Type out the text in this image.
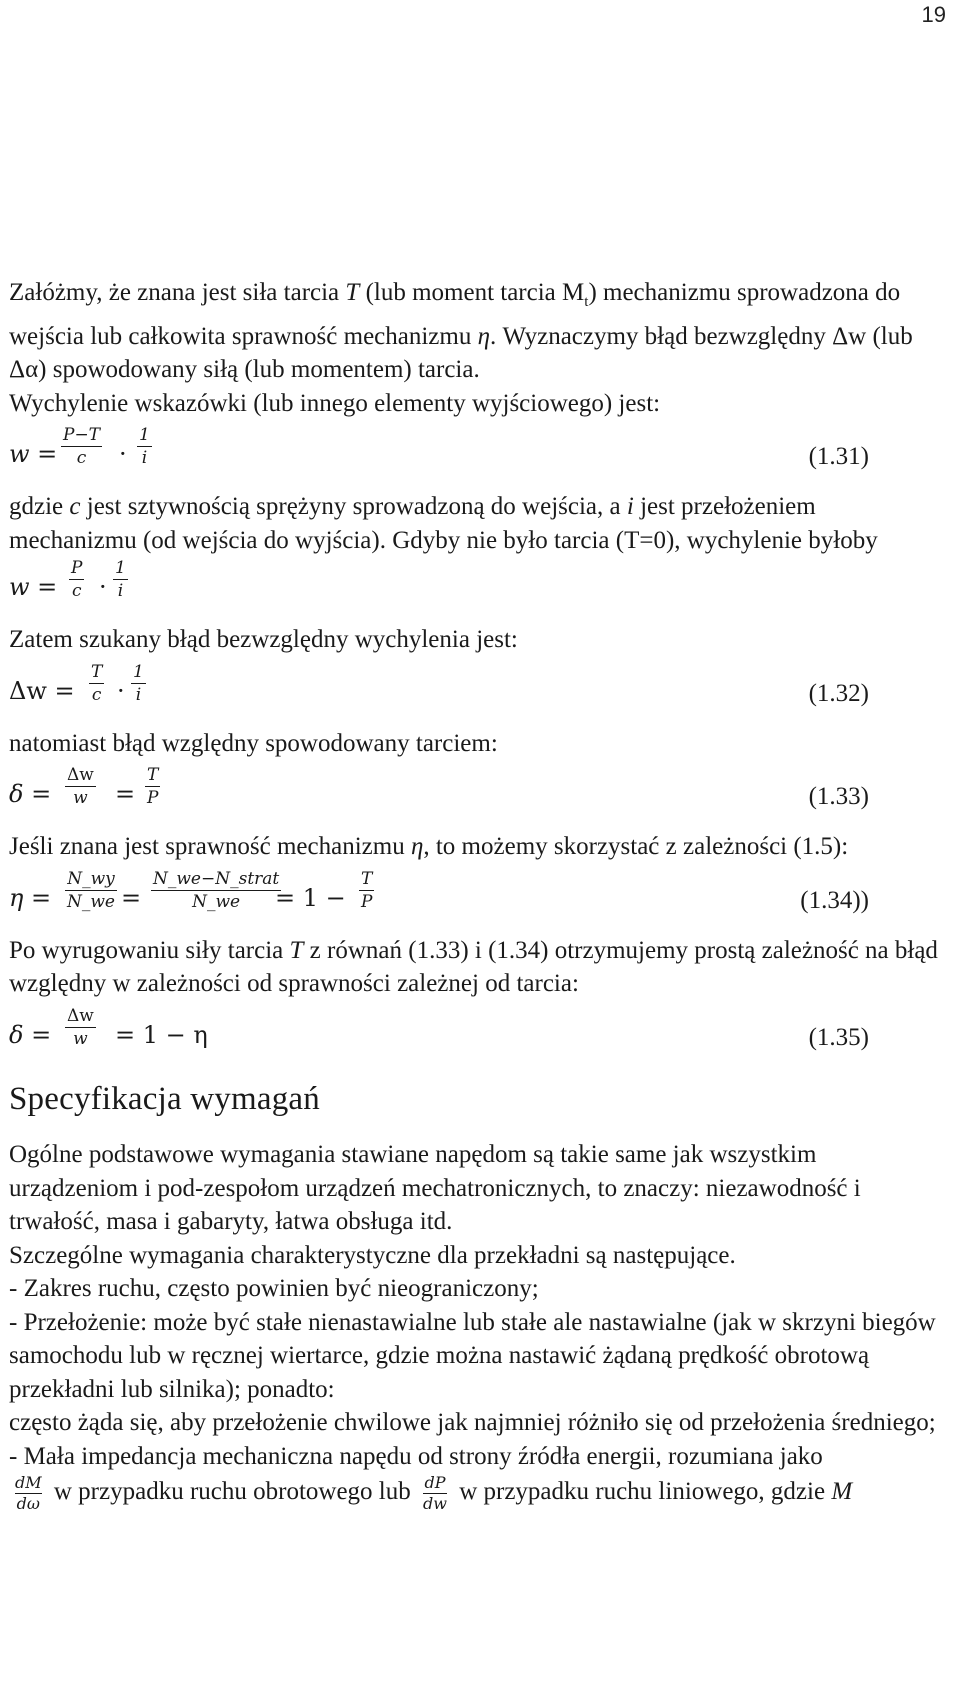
19

Załóżmy, że znana jest siła tarcia T (lub moment tarcia $M_t$) mechanizmu sprowadzona do wejścia lub całkowita sprawność mechanizmu η. Wyznaczymy błąd bezwzględny Δw (lub Δα) spowodowany siłą (lub momentem) tarcia.

Wychylenie wskazówki (lub innego elementy wyjściowego) jest:

$w = \frac{P-T}{c} \cdot \frac{1}{i}$	(1.31)

gdzie c jest sztywnością sprężyny sprowadzoną do wejścia, a i jest przełożeniem mechanizmu (od wejścia do wyjścia). Gdyby nie było tarcia (T=0), wychylenie byłoby

$w = \frac{P}{c} \cdot \frac{1}{i}$

Zatem szukany błąd bezwzględny wychylenia jest:

$\Delta w = \frac{T}{c} \cdot \frac{1}{i}$	(1.32)

natomiast błąd względny spowodowany tarciem:

$\delta = \frac{\Delta w}{w} = \frac{T}{P}$	(1.33)

Jeśli znana jest sprawność mechanizmu η, to możemy skorzystać z zależności (1.5):

$\eta = \frac{N\_wy}{N\_we}$ =
N_we−N_strat
N_we	= $1 - \frac{T}{P}$	(1.34))

Po wyrugowaniu siły tarcia T z równań (1.33) i (1.34) otrzymujemy prostą zależność na błąd względny w zależności od sprawności zależnej od tarcia:

$\delta = \frac{\Delta w}{w} = 1 - \eta$	(1.35)
Specyfikacja wymagań

Ogólne podstawowe wymagania stawiane napędom są takie same jak wszystkim urządzeniom i pod-zespołom urządzeń mechatronicznych, to znaczy: niezawodność i trwałość, masa i gabaryty, łatwa obsługa itd.

Szczególne wymagania charakterystyczne dla przekładni są następujące.

- Zakres ruchu, często powinien być nieograniczony;

- Przełożenie: może być stałe nienastawialne lub stałe ale nastawialne (jak w skrzyni biegów samochodu lub w ręcznej wiertarce, gdzie można nastawić żądaną prędkość obrotową przekładni lub silnika); ponadto:

często żąda się, aby przełożenie chwilowe jak najmniej różniło się od przełożenia średniego;

- Mała impedancja mechaniczna napędu od strony źródła energii, rozumiana jako

$\frac{dM}{d\omega}$ w przypadku ruchu obrotowego lub $\frac{dP}{dw}$ w przypadku ruchu liniowego, gdzie M
